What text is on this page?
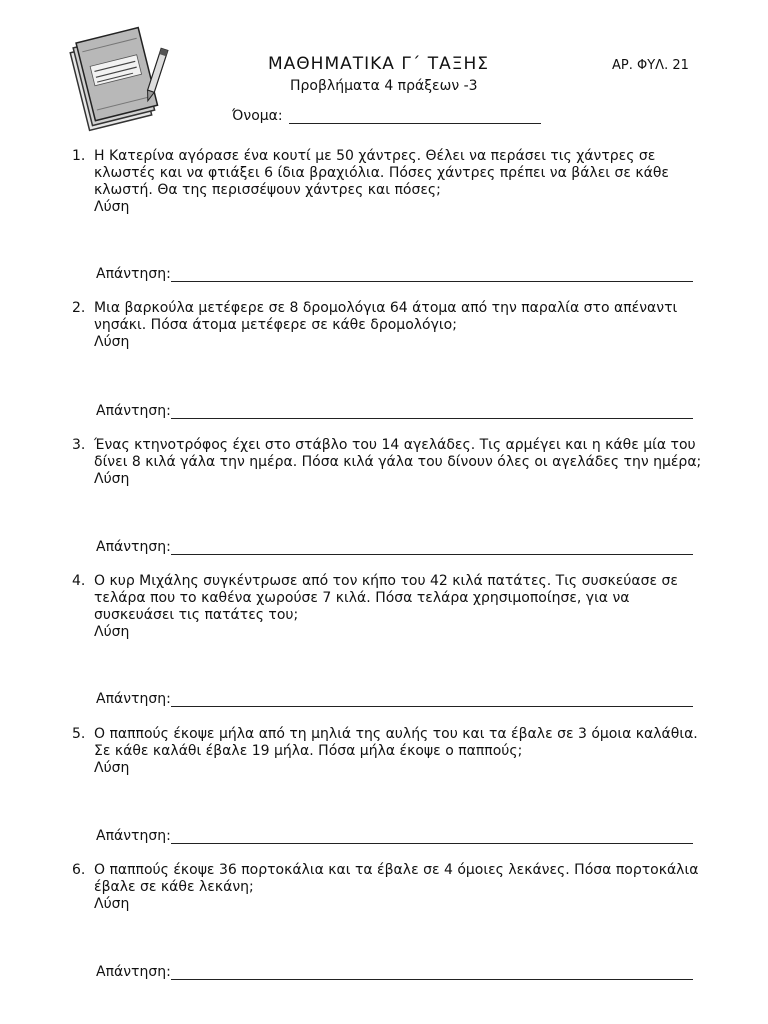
ΜΑΘΗΜΑΤΙΚΑ Γ΄ ΤΑΞΗΣ	ΑΡ. ΦΥΛ. 21
Προβλήματα 4 πράξεων -3
Όνομα:
1. Η Κατερίνα αγόρασε ένα κουτί με 50 χάντρες. Θέλει να περάσει τις χάντρες σε κλωστές και να φτιάξει 6 ίδια βραχιόλια. Πόσες χάντρες πρέπει να βάλει σε κάθε κλωστή. Θα της περισσέψουν χάντρες και πόσες;
Λύση
Απάντηση:
2. Μια βαρκούλα μετέφερε σε 8 δρομολόγια 64 άτομα από την παραλία στο απέναντι νησάκι. Πόσα άτομα μετέφερε σε κάθε δρομολόγιο;
Λύση
Απάντηση:
3. Ένας κτηνοτρόφος έχει στο στάβλο του 14 αγελάδες. Τις αρμέγει και η κάθε μία του δίνει 8 κιλά γάλα την ημέρα. Πόσα κιλά γάλα του δίνουν όλες οι αγελάδες την ημέρα;
Λύση
Απάντηση:
4. Ο κυρ Μιχάλης συγκέντρωσε από τον κήπο του 42 κιλά πατάτες. Τις συσκεύασε σε τελάρα που το καθένα χωρούσε 7 κιλά. Πόσα τελάρα χρησιμοποίησε, για να συσκευάσει τις πατάτες του;
Λύση
Απάντηση:
5. Ο παππούς έκοψε μήλα από τη μηλιά της αυλής του και τα έβαλε σε 3 όμοια καλάθια. Σε κάθε καλάθι έβαλε 19 μήλα. Πόσα μήλα έκοψε ο παππούς;
Λύση
Απάντηση:
6. Ο παππούς έκοψε 36 πορτοκάλια και τα έβαλε σε 4 όμοιες λεκάνες. Πόσα πορτοκάλια έβαλε σε κάθε λεκάνη;
Λύση
Απάντηση:
